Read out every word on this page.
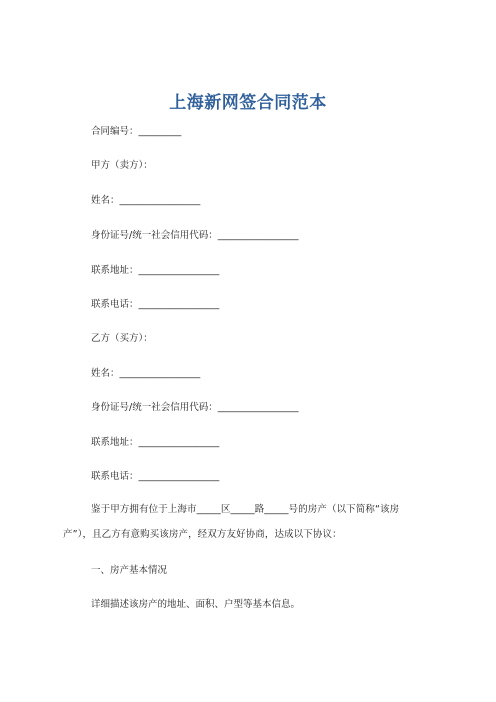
上海新网签合同范本
合同编号：_________
甲方（卖方）：
姓名：_________________
身份证号/统一社会信用代码：_________________
联系地址：_________________
联系电话：_________________
乙方（买方）：
姓名：_________________
身份证号/统一社会信用代码：_________________
联系地址：_________________
联系电话：_________________
鉴于甲方拥有位于上海市_____区_____路_____号的房产（以下简称“该房产”），且乙方有意购买该房产，经双方友好协商，达成以下协议：
一、房产基本情况
详细描述该房产的地址、面积、户型等基本信息。
